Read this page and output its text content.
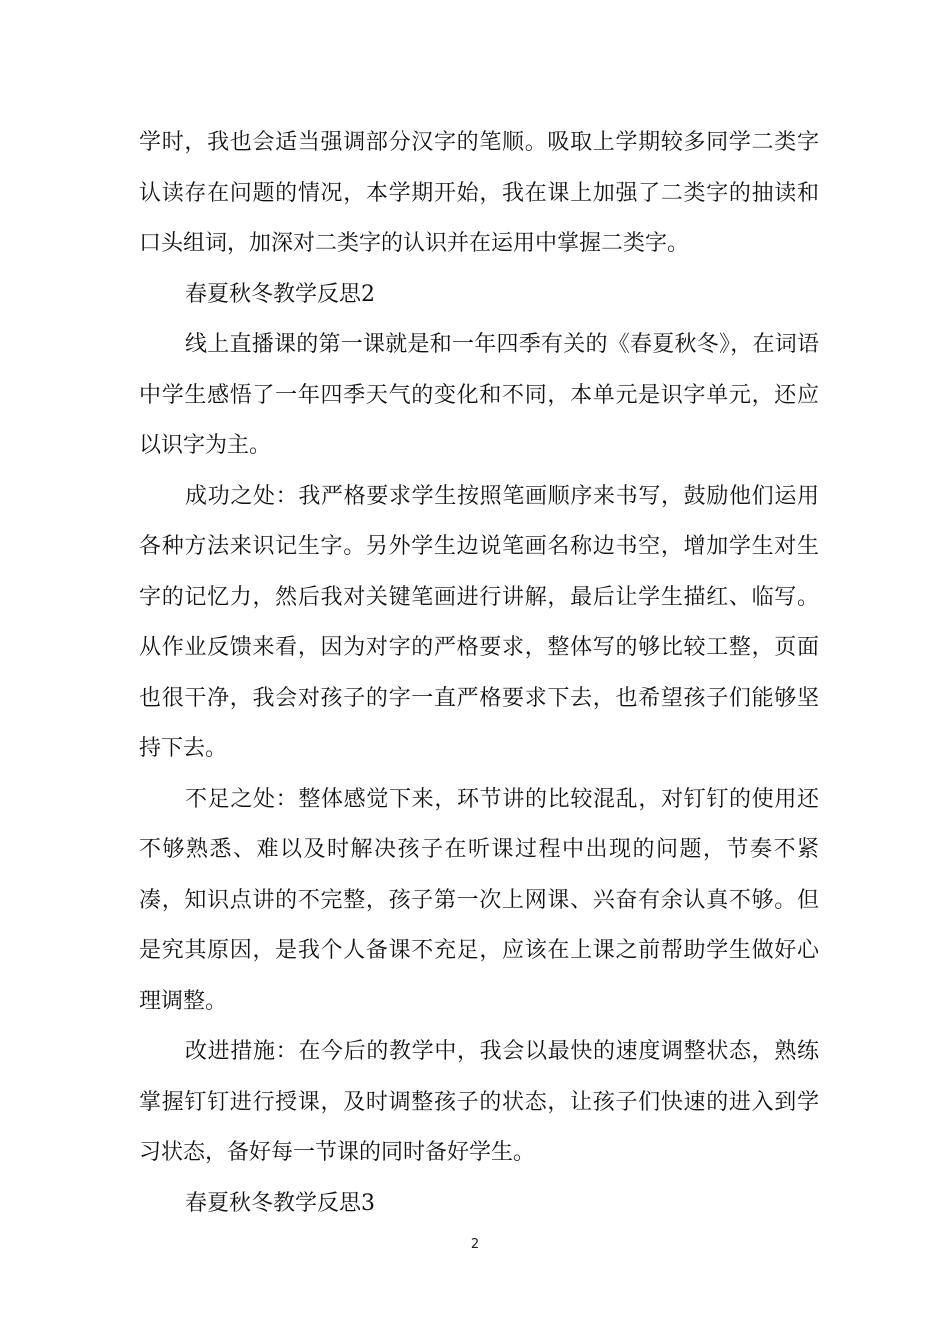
学时，我也会适当强调部分汉字的笔顺。吸取上学期较多同学二类字认读存在问题的情况，本学期开始，我在课上加强了二类字的抽读和口头组词，加深对二类字的认识并在运用中掌握二类字。

春夏秋冬教学反思2

线上直播课的第一课就是和一年四季有关的《春夏秋冬》，在词语中学生感悟了一年四季天气的变化和不同，本单元是识字单元，还应以识字为主。

成功之处：我严格要求学生按照笔画顺序来书写，鼓励他们运用各种方法来识记生字。另外学生边说笔画名称边书空，增加学生对生字的记忆力，然后我对关键笔画进行讲解，最后让学生描红、临写。从作业反馈来看，因为对字的严格要求，整体写的够比较工整，页面也很干净，我会对孩子的字一直严格要求下去，也希望孩子们能够坚持下去。

不足之处：整体感觉下来，环节讲的比较混乱，对钉钉的使用还不够熟悉、难以及时解决孩子在听课过程中出现的问题，节奏不紧凑，知识点讲的不完整，孩子第一次上网课、兴奋有余认真不够。但是究其原因，是我个人备课不充足，应该在上课之前帮助学生做好心理调整。

改进措施：在今后的教学中，我会以最快的速度调整状态，熟练掌握钉钉进行授课，及时调整孩子的状态，让孩子们快速的进入到学习状态，备好每一节课的同时备好学生。

春夏秋冬教学反思3

2
